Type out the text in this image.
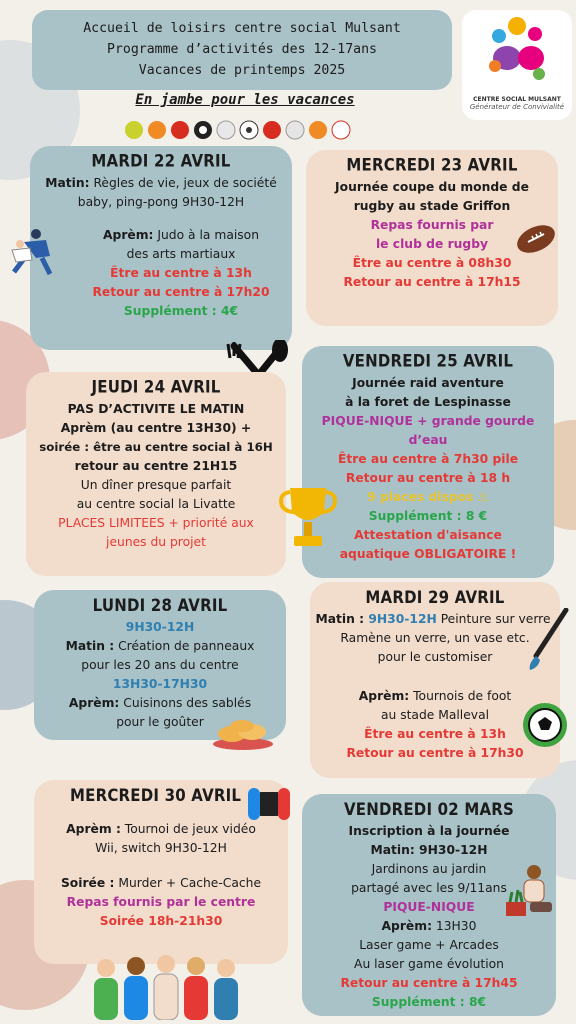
Accueil de loisirs centre social Mulsant
Programme d’activités des 12-17ans
Vacances de printemps 2025
En jambe pour les vacances	CENTRE SOCIAL MULSANT
Générateur de Convivialité
MARDI 22 AVRIL
Matin: Règles de vie, jeux de société
baby, ping-pong 9H30-12H
Aprèm: Judo à la maison
des arts martiaux
Être au centre à 13h
Retour au centre à 17h20
Supplément : 4€
MERCREDI 23 AVRIL
Journée coupe du monde de
rugby au stade Griffon
Repas fournis par
le club de rugby
Être au centre à 08h30
Retour au centre à 17h15
JEUDI 24 AVRIL
PAS D’ACTIVITE LE MATIN
Aprèm (au centre 13H30) +
soirée : être au centre social à 16H
retour au centre 21H15
Un dîner presque parfait
au centre social la Livatte
PLACES LIMITEES + priorité aux
jeunes du projet
VENDREDI 25 AVRIL
Journée raid aventure
à la foret de Lespinasse
PIQUE-NIQUE + grande gourde
d’eau
Être au centre à 7h30 pile
Retour au centre à 18 h
9 places dispos ⚠
Supplément : 8 €
Attestation d'aisance
aquatique OBLIGATOIRE !
LUNDI 28 AVRIL
9H30-12H
Matin : Création de panneaux
pour les 20 ans du centre
13H30-17H30
Aprèm: Cuisinons des sablés
pour le goûter
MARDI 29 AVRIL
Matin : 9H30-12H Peinture sur verre
Ramène un verre, un vase etc.
pour le customiser
Aprèm: Tournois de foot
au stade Malleval
Être au centre à 13h
Retour au centre à 17h30
MERCREDI 30 AVRIL
Aprèm : Tournoi de jeux vidéo
Wii, switch 9H30-12H
Soirée : Murder + Cache-Cache
Repas fournis par le centre
Soirée 18h-21h30
VENDREDI 02 MARS
Inscription à la journée
Matin: 9H30-12H
Jardinons au jardin
partagé avec les 9/11ans
PIQUE-NIQUE
Aprèm: 13H30
Laser game + Arcades
Au laser game évolution
Retour au centre à 17h45
Supplément : 8€
